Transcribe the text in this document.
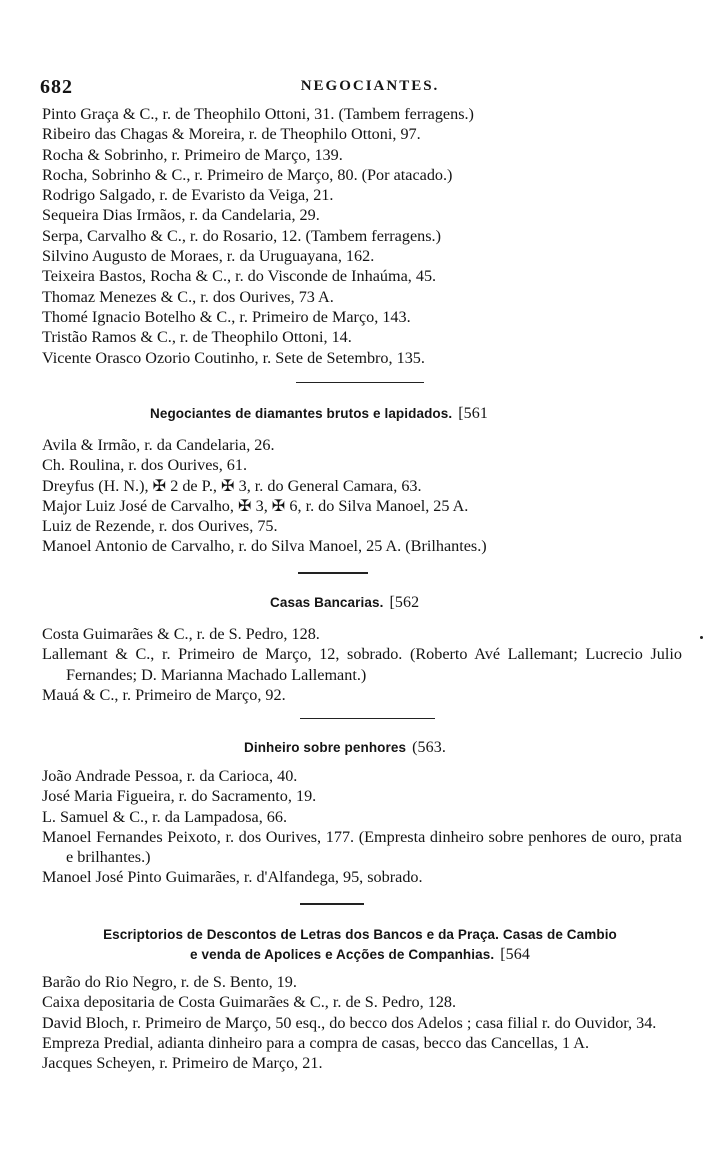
682	NEGOCIANTES.
Pinto Graça & C., r. de Theophilo Ottoni, 31. (Tambem ferragens.)
Ribeiro das Chagas & Moreira, r. de Theophilo Ottoni, 97.
Rocha & Sobrinho, r. Primeiro de Março, 139.
Rocha, Sobrinho & C., r. Primeiro de Março, 80. (Por atacado.)
Rodrigo Salgado, r. de Evaristo da Veiga, 21.
Sequeira Dias Irmãos, r. da Candelaria, 29.
Serpa, Carvalho & C., r. do Rosario, 12. (Tambem ferragens.)
Silvino Augusto de Moraes, r. da Uruguayana, 162.
Teixeira Bastos, Rocha & C., r. do Visconde de Inhaúma, 45.
Thomaz Menezes & C., r. dos Ourives, 73 A.
Thomé Ignacio Botelho & C., r. Primeiro de Março, 143.
Tristão Ramos & C., r. de Theophilo Ottoni, 14.
Vicente Orasco Ozorio Coutinho, r. Sete de Setembro, 135.
Negociantes de diamantes brutos e lapidados. [561
Avila & Irmão, r. da Candelaria, 26.
Ch. Roulina, r. dos Ourives, 61.
Dreyfus (H. N.), ✠ 2 de P., ✠ 3, r. do General Camara, 63.
Major Luiz José de Carvalho, ✠ 3, ✠ 6, r. do Silva Manoel, 25 A.
Luiz de Rezende, r. dos Ourives, 75.
Manoel Antonio de Carvalho, r. do Silva Manoel, 25 A. (Brilhantes.)
Casas Bancarias. [562
Costa Guimarães & C., r. de S. Pedro, 128.
Lallemant & C., r. Primeiro de Março, 12, sobrado. (Roberto Avé Lallemant; Lucrecio Julio Fernandes; D. Marianna Machado Lallemant.)
Mauá & C., r. Primeiro de Março, 92.
Dinheiro sobre penhores (563.
João Andrade Pessoa, r. da Carioca, 40.
José Maria Figueira, r. do Sacramento, 19.
L. Samuel & C., r. da Lampadosa, 66.
Manoel Fernandes Peixoto, r. dos Ourives, 177. (Empresta dinheiro sobre penhores de ouro, prata e brilhantes.)
Manoel José Pinto Guimarães, r. d'Alfandega, 95, sobrado.
Escriptorios de Descontos de Letras dos Bancos e da Praça. Casas de Cambio
e venda de Apolices e Acções de Companhias. [564
Barão do Rio Negro, r. de S. Bento, 19.
Caixa depositaria de Costa Guimarães & C., r. de S. Pedro, 128.
David Bloch, r. Primeiro de Março, 50 esq., do becco dos Adelos ; casa filial r. do Ouvidor, 34.
Empreza Predial, adianta dinheiro para a compra de casas, becco das Cancellas, 1 A.
Jacques Scheyen, r. Primeiro de Março, 21.
